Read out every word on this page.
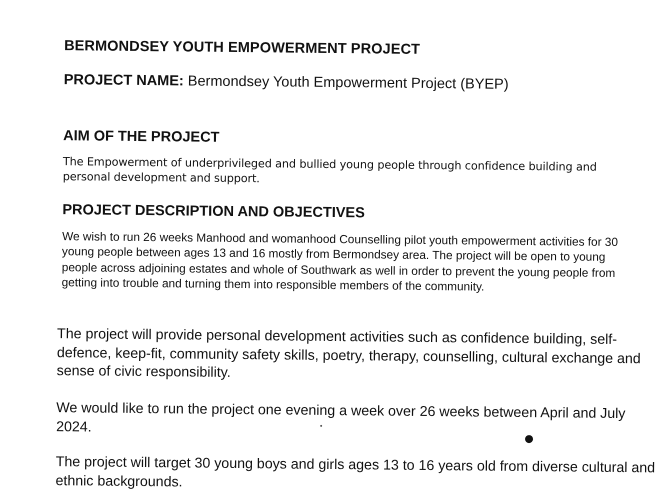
BERMONDSEY YOUTH EMPOWERMENT PROJECT

PROJECT NAME: Bermondsey Youth Empowerment Project (BYEP)

AIM OF THE PROJECT

The Empowerment of underprivileged and bullied young people through confidence building and personal development and support.

PROJECT DESCRIPTION AND OBJECTIVES

We wish to run 26 weeks Manhood and womanhood Counselling pilot youth empowerment activities for 30 young people between ages 13 and 16 mostly from Bermondsey area. The project will be open to young people across adjoining estates and whole of Southwark as well in order to prevent the young people from getting into trouble and turning them into responsible members of the community.

The project will provide personal development activities such as confidence building, self-defence, keep-fit, community safety skills, poetry, therapy, counselling, cultural exchange and sense of civic responsibility.

We would like to run the project one evening a week over 26 weeks between April and July 2024.

The project will target 30 young boys and girls ages 13 to 16 years old from diverse cultural and ethnic backgrounds.
